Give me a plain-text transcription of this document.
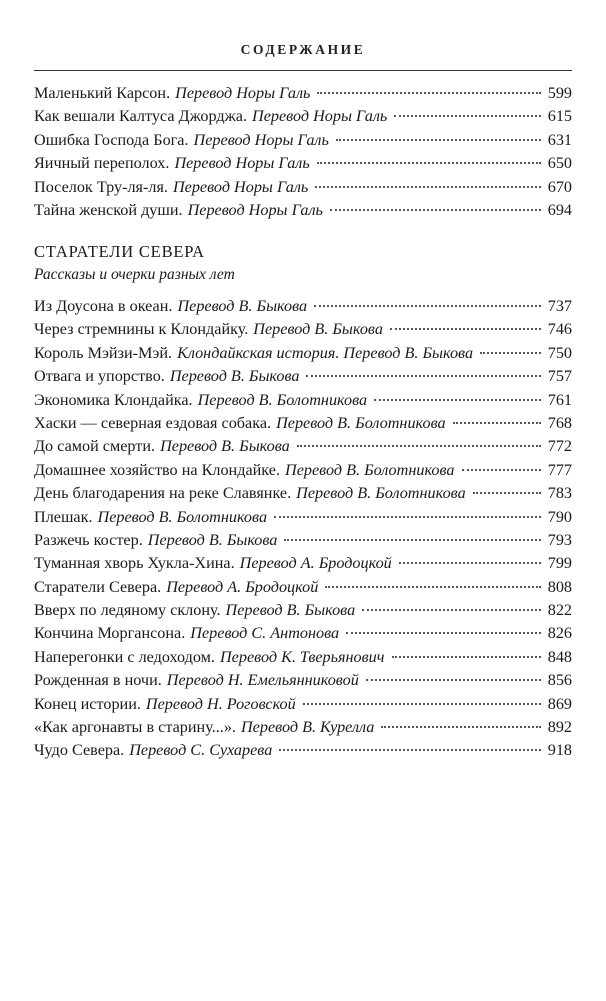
СОДЕРЖАНИЕ
Маленький Карсон. Перевод Норы Галь	599
Как вешали Калтуса Джорджа. Перевод Норы Галь	615
Ошибка Господа Бога. Перевод Норы Галь	631
Яичный переполох. Перевод Норы Галь	650
Поселок Тру-ля-ля. Перевод Норы Галь	670
Тайна женской души. Перевод Норы Галь	694
СТАРАТЕЛИ СЕВЕРА
Рассказы и очерки разных лет
Из Доусона в океан. Перевод В. Быкова	737
Через стремнины к Клондайку. Перевод В. Быкова	746
Король Мэйзи-Мэй. Клондайкская история. Перевод В. Быкова	750
Отвага и упорство. Перевод В. Быкова	757
Экономика Клондайка. Перевод В. Болотникова	761
Хаски — северная ездовая собака. Перевод В. Болотникова	768
До самой смерти. Перевод В. Быкова	772
Домашнее хозяйство на Клондайке. Перевод В. Болотникова	777
День благодарения на реке Славянке. Перевод В. Болотникова	783
Плешак. Перевод В. Болотникова	790
Разжечь костер. Перевод В. Быкова	793
Туманная хворь Хукла-Хина. Перевод А. Бродоцкой	799
Старатели Севера. Перевод А. Бродоцкой	808
Вверх по ледяному склону. Перевод В. Быкова	822
Кончина Моргансона. Перевод С. Антонова	826
Наперегонки с ледоходом. Перевод К. Тверьянович	848
Рожденная в ночи. Перевод Н. Емельянниковой	856
Конец истории. Перевод Н. Роговской	869
«Как аргонавты в старину...». Перевод В. Курелла	892
Чудо Севера. Перевод С. Сухарева	918
